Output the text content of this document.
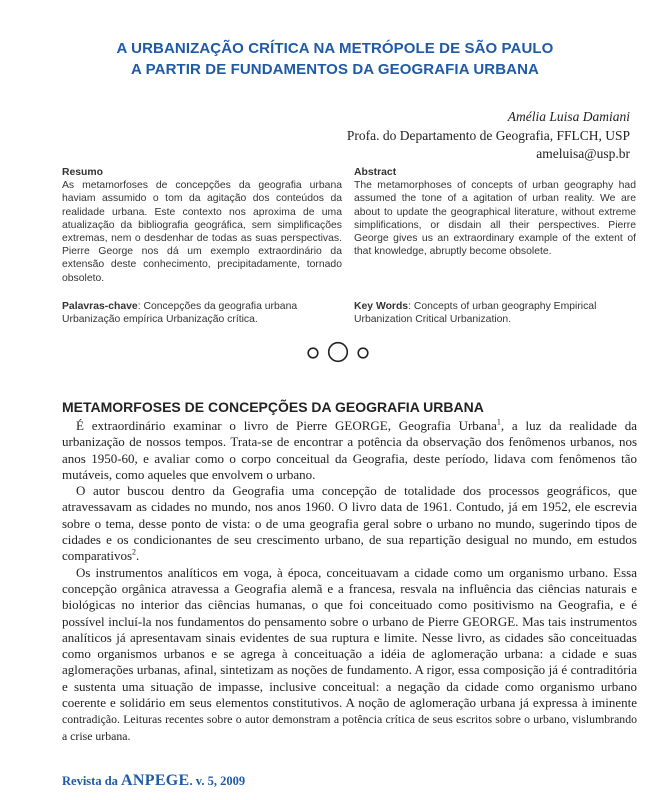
A URBANIZAÇÃO CRÍTICA NA METRÓPOLE DE SÃO PAULO
A PARTIR DE FUNDAMENTOS DA GEOGRAFIA URBANA
Amélia Luisa Damiani
Profa. do Departamento de Geografia, FFLCH, USP
ameluisa@usp.br
Resumo
As metamorfoses de concepções da geografia urbana haviam assumido o tom da agitação dos conteúdos da realidade urbana. Este contexto nos aproxima de uma atualização da bibliografia geográfica, sem simplificações extremas, nem o desdenhar de todas as suas perspectivas. Pierre George nos dá um exemplo extraordinário da extensão deste conhecimento, precipitadamente, tornado obsoleto.
Abstract
The metamorphoses of concepts of urban geography had assumed the tone of a agitation of urban reality. We are about to update the geographical literature, without extreme simplifications, or disdain all their perspectives. Pierre George gives us an extraordinary example of the extent of that knowledge, abruptly become obsolete.
Palavras-chave: Concepções da geografia urbana Urbanização empírica Urbanização crítica.
Key Words: Concepts of urban geography Empirical Urbanization Critical Urbanization.
METAMORFOSES DE CONCEPÇÕES DA GEOGRAFIA URBANA

É extraordinário examinar o livro de Pierre GEORGE, Geografia Urbana$^1$, a luz da realidade da urbanização de nossos tempos. Trata-se de encontrar a potência da observação dos fenômenos urbanos, nos anos 1950-60, e avaliar como o corpo conceitual da Geografia, deste período, lidava com fenômenos tão mutáveis, como aqueles que envolvem o urbano.

O autor buscou dentro da Geografia uma concepção de totalidade dos processos geográficos, que atravessavam as cidades no mundo, nos anos 1960. O livro data de 1961. Contudo, já em 1952, ele escrevia sobre o tema, desse ponto de vista: o de uma geografia geral sobre o urbano no mundo, sugerindo tipos de cidades e os condicionantes de seu crescimento urbano, de sua repartição desigual no mundo, em estudos comparativos$^2$.

Os instrumentos analíticos em voga, à época, conceituavam a cidade como um organismo urbano. Essa concepção orgânica atravessa a Geografia alemã e a francesa, resvala na influência das ciências naturais e biológicas no interior das ciências humanas, o que foi conceituado como positivismo na Geografia, e é possível incluí-la nos fundamentos do pensamento sobre o urbano de Pierre GEORGE. Mas tais instrumentos analíticos já apresentavam sinais evidentes de sua ruptura e limite. Nesse livro, as cidades são conceituadas como organismos urbanos e se agrega à conceituação a idéia de aglomeração urbana: a cidade e suas aglomerações urbanas, afinal, sintetizam as noções de fundamento. A rigor, essa composição já é contraditória e sustenta uma situação de impasse, inclusive conceitual: a negação da cidade como organismo urbano coerente e solidário em seus elementos constitutivos. A noção de aglomeração urbana já expressa à iminente contradição. Leituras recentes sobre o autor demonstram a potência crítica de seus escritos sobre o urbano, vislumbrando a crise urbana.

Revista da ANPEGE. v. 5, 2009
